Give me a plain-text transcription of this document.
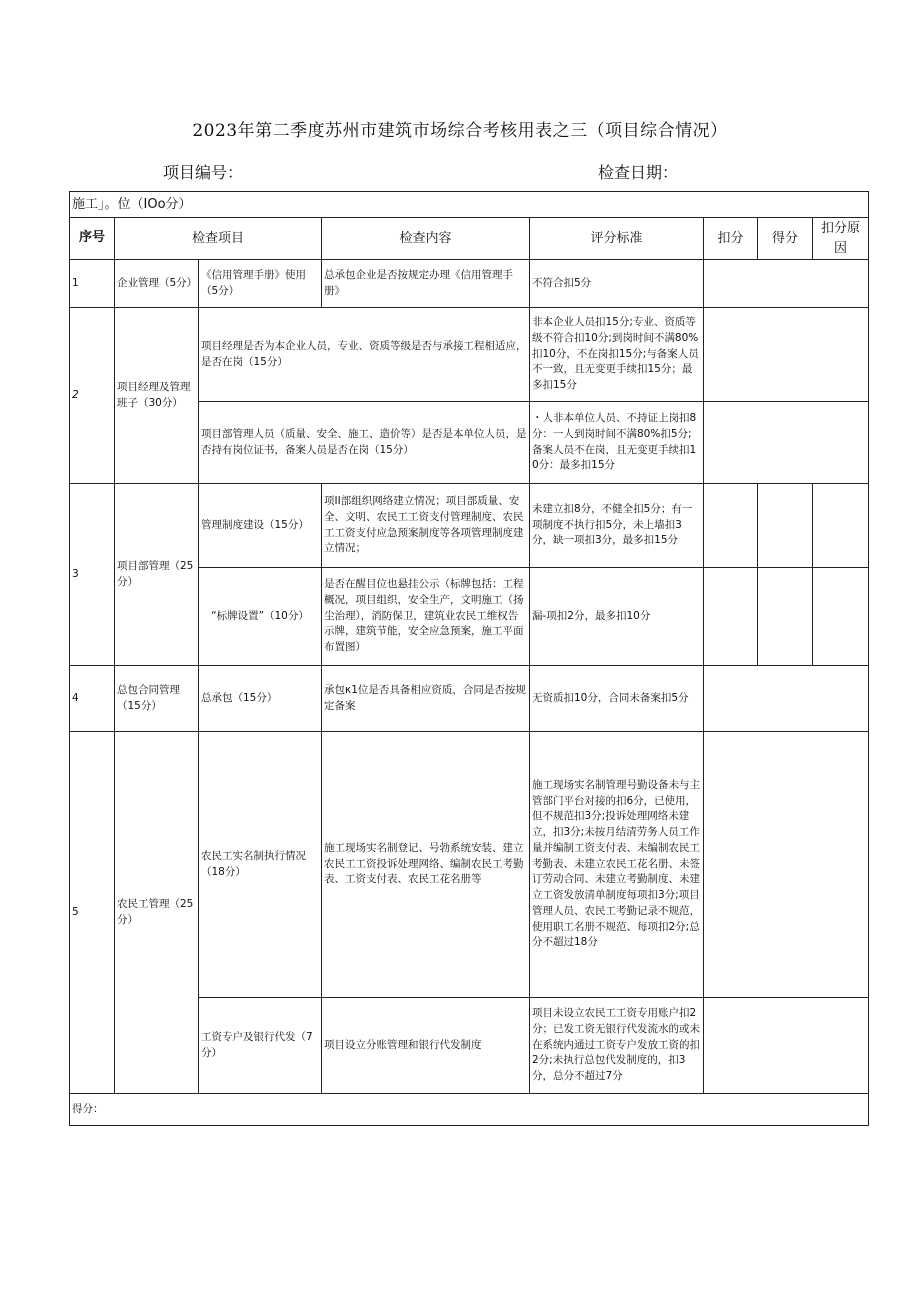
2023年第二季度苏州市建筑市场综合考核用表之三（项目综合情况）
项目编号：	检查日期：
施工」。位（IOo分）							
序号	检查项目		检查内容	评分标准	扣分	得分	扣分原因
1	企业管理（5分）	《信用管理手册》使用（5分）	总承包企业是否按规定办理《信用管理手册》	不符合扣5分			
2	项目经理及管理班子（30分）	项目经理是否为本企业人员，专业、资质等级是否与承接工程相适应，是否在岗（15分）		非本企业人员扣15分;专业、资质等级不符合扣10分;到岗时间不满80%扣10分，不在岗扣15分;与备案人员不一致，且无变更手续扣15分；最多扣15分			
		项目部管理人员（质量、安全、施工、造价等）是否是本单位人员，是否持有岗位证书，备案人员是否在岗（15分）		・人非本单位人员、不持证上岗扣8分：一人到岗时间不满80%扣5分;备案人员不在岗，且无变更手续扣10分：最多扣15分			
3	项目部管理（25分）	管理制度建设（15分）	项II部组织网络建立情况；项目部质量、安全、文明、农民工工资支付管理制度、农民工工资支付应急预案制度等各项管理制度建立情况；	未建立扣8分，不健全扣5分；有一项制度不执行扣5分，未上墙扣3分，缺一项扣3分，最多扣15分			
		“标牌设置”（10分）	是否在醒目位也悬挂公示（标牌包括：工程概况，项目组织，安全生产，文明施工（扬尘治理），消防保卫，建筑业农民工维权告示牌，建筑节能，安全应急预案，施工平面布置图）	漏-项扣2分，最多扣10分			
4	总包合同管理（15分）	总承包（15分）	承包κ1位是否具备相应资质，合同是否按规定备案	无资质扣10分，合同未备案扣5分			
5	农民工管理（25分）	农民工实名制执行情况（18分）	施工现场实名制登记、号勃系统安装、建立农民工工资投诉处理网络、编制农民工考勤表、工资支付表、农民工花名册等	施工现场实名制管理号勤设备未与主管部门平台对接的扣6分，已使用，但不规范扣3分;投诉处理网络未建立，扣3分;未按月结清劳务人员工作量并编制工资支付表、未编制农民工考勤表、未建立农民工花名册、未签订劳动合同、未建立考勤制度、未建立工资发放清单制度每项扣3分;项目管理人员、农民工考勤记录不规范，使用职工名册不规范、每项扣2分;总分不超过18分			
		工资专户及银行代发（7分）	项目设立分账管理和银行代发制度	项目未设立农民工工资专用账户扣2分；已发工资无银行代发流水的或未在系统内通过工资专户发放工资的扣2分;未执行总包代发制度的，扣3分，总分不超过7分			
得分：							
